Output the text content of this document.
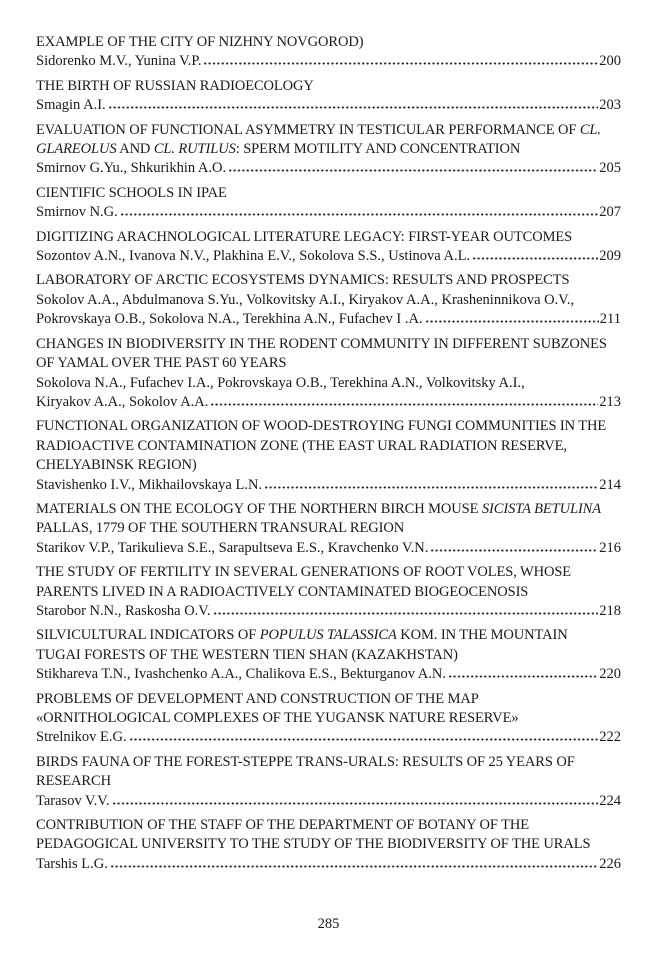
EXAMPLE OF THE CITY OF NIZHNY NOVGOROD)
Sidorenko M.V., Yunina V.P.	200
THE BIRTH OF RUSSIAN RADIOECOLOGY
Smagin A.I.	203
EVALUATION OF FUNCTIONAL ASYMMETRY IN TESTICULAR PERFORMANCE OF CL.
GLAREOLUS AND CL. RUTILUS: SPERM MOTILITY AND CONCENTRATION
Smirnov G.Yu., Shkurikhin A.O.	205
CIENTIFIC SCHOOLS IN IPAE
Smirnov N.G.	207
DIGITIZING ARACHNOLOGICAL LITERATURE LEGACY: FIRST-YEAR OUTCOMES
Sozontov A.N., Ivanova N.V., Plakhina E.V., Sokolova S.S., Ustinova A.L.	209
LABORATORY OF ARCTIC ECOSYSTEMS DYNAMICS: RESULTS AND PROSPECTS
Sokolov A.A., Abdulmanova S.Yu., Volkovitsky A.I., Kiryakov A.A., Krasheninnikova O.V.,
Pokrovskaya O.B., Sokolova N.A., Terekhina A.N., Fufachev I .A.	211
CHANGES IN BIODIVERSITY IN THE RODENT COMMUNITY IN DIFFERENT SUBZONES
OF YAMAL OVER THE PAST 60 YEARS
Sokolova N.A., Fufachev I.A., Pokrovskaya O.B., Terekhina A.N., Volkovitsky A.I.,
Kiryakov A.A., Sokolov A.A.	213
FUNCTIONAL ORGANIZATION OF WOOD-DESTROYING FUNGI COMMUNITIES IN THE
RADIOACTIVE CONTAMINATION ZONE (THE EAST URAL RADIATION RESERVE,
CHELYABINSK REGION)
Stavishenko I.V., Mikhailovskaya L.N.	214
MATERIALS ON THE ECOLOGY OF THE NORTHERN BIRCH MOUSE SICISTA BETULINA
PALLAS, 1779 OF THE SOUTHERN TRANSURAL REGION
Starikov V.P., Tarikulieva S.E., Sarapultseva E.S., Kravchenko V.N.	216
THE STUDY OF FERTILITY IN SEVERAL GENERATIONS OF ROOT VOLES, WHOSE
PARENTS LIVED IN A RADIOACTIVELY CONTAMINATED BIOGEOCENOSIS
Starobor N.N., Raskosha O.V.	218
SILVICULTURAL INDICATORS OF POPULUS TALASSICA KOM. IN THE MOUNTAIN
TUGAI FORESTS OF THE WESTERN TIEN SHAN (KAZAKHSTAN)
Stikhareva T.N., Ivashchenko A.A., Chalikova E.S., Bekturganov A.N.	220
PROBLEMS OF DEVELOPMENT AND CONSTRUCTION OF THE MAP
«ORNITHOLOGICAL COMPLEXES OF THE YUGANSK NATURE RESERVE»
Strelnikov E.G.	222
BIRDS FAUNA OF THE FOREST-STEPPE TRANS-URALS: RESULTS OF 25 YEARS OF
RESEARCH
Tarasov V.V.	224
CONTRIBUTION OF THE STAFF OF THE DEPARTMENT OF BOTANY OF THE
PEDAGOGICAL UNIVERSITY TO THE STUDY OF THE BIODIVERSITY OF THE URALS
Tarshis L.G.	226
285
